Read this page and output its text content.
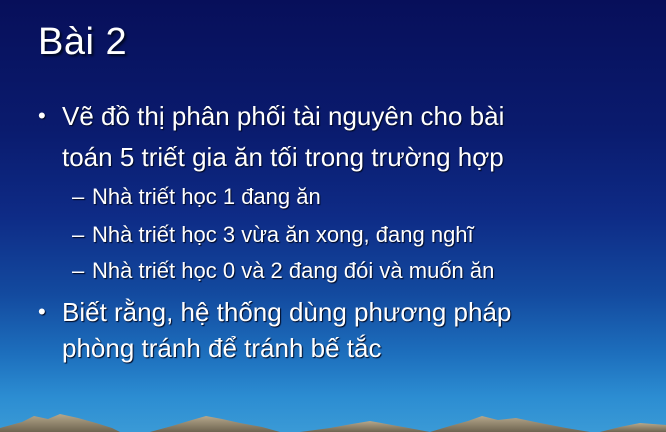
Bài 2
• Vẽ đồ thị phân phối tài nguyên cho bài
toán 5 triết gia ăn tối trong trường hợp
– Nhà triết học 1 đang ăn
– Nhà triết học 3 vừa ăn xong, đang nghĩ
– Nhà triết học 0 và 2 đang đói và muốn ăn
• Biết rằng, hệ thống dùng phương pháp
phòng tránh để tránh bế tắc
